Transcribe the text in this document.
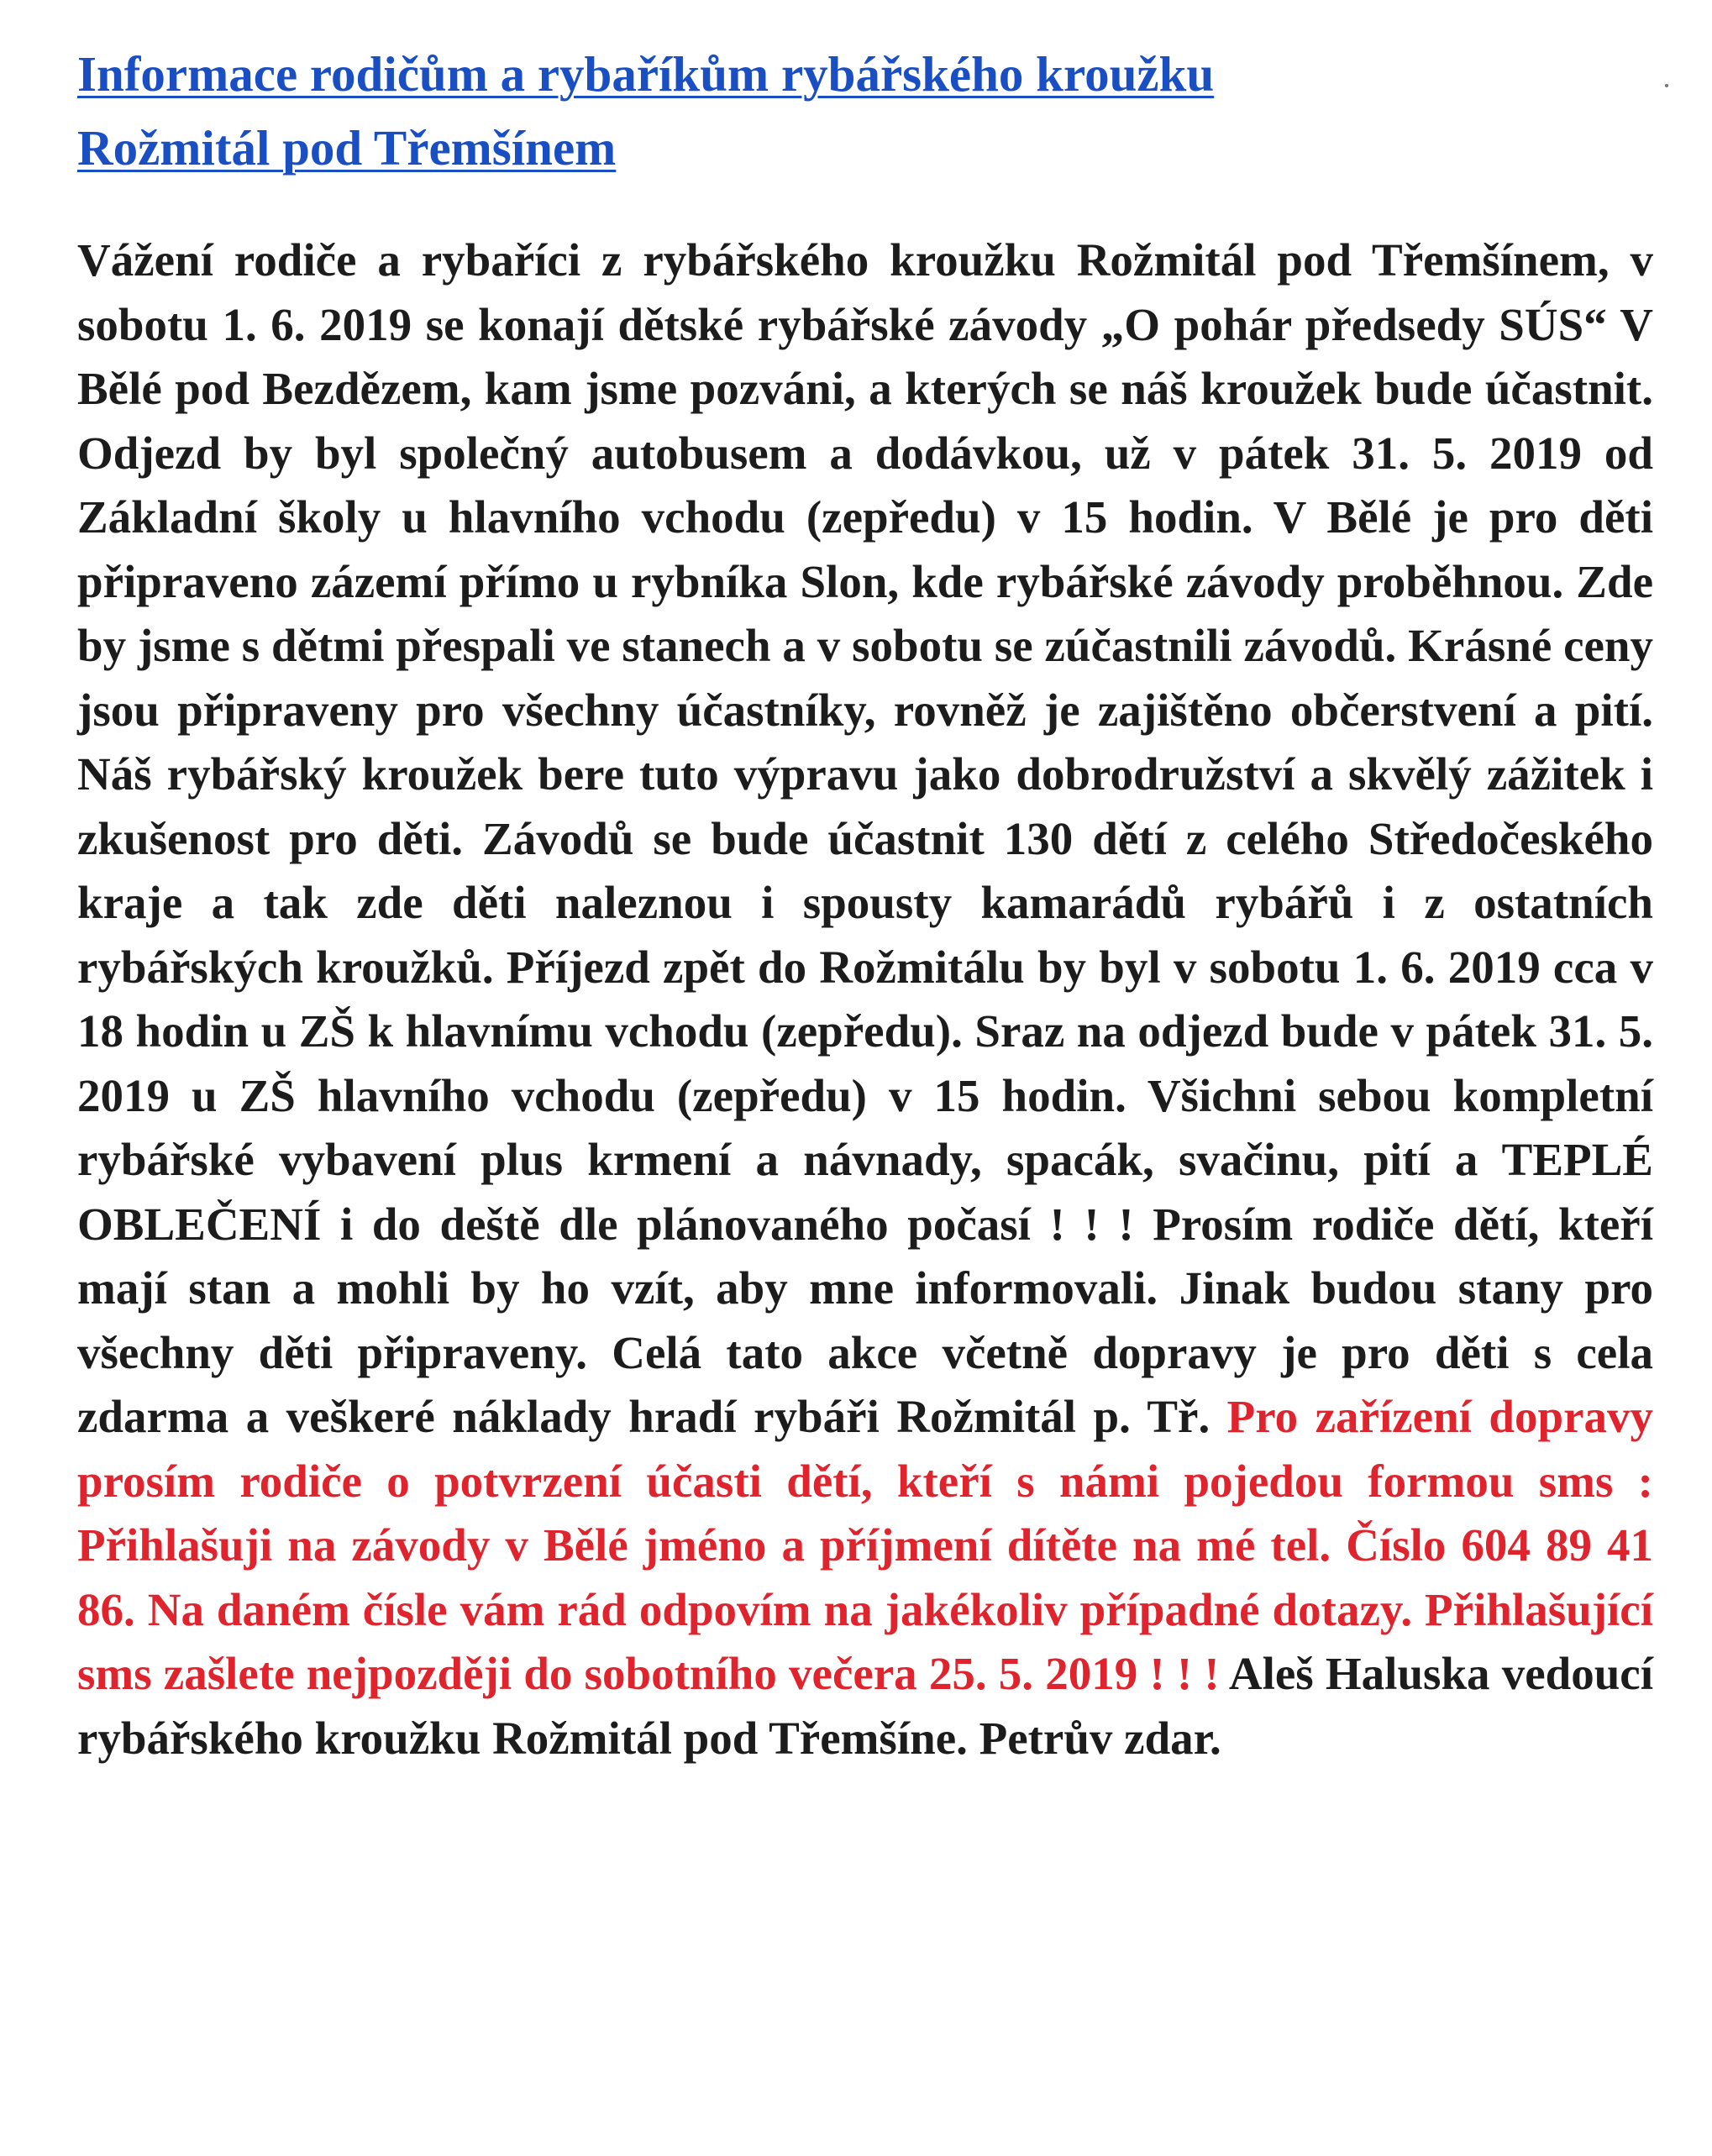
Informace rodičům a rybaříkům rybářského kroužku
Rožmitál pod Třemšínem

Vážení rodiče a rybaříci z rybářského kroužku Rožmitál pod Třemšínem, v sobotu 1. 6. 2019 se konají dětské rybářské závody „O pohár předsedy SÚS“ V Bělé pod Bezdězem, kam jsme pozváni, a kterých se náš kroužek bude účastnit. Odjezd by byl společný autobusem a dodávkou, už v pátek 31. 5. 2019 od Základní školy u hlavního vchodu (zepředu) v 15 hodin. V Bělé je pro děti připraveno zázemí přímo u rybníka Slon, kde rybářské závody proběhnou. Zde by jsme s dětmi přespali ve stanech a v sobotu se zúčastnili závodů. Krásné ceny jsou připraveny pro všechny účastníky, rovněž je zajištěno občerstvení a pití. Náš rybářský kroužek bere tuto výpravu jako dobrodružství a skvělý zážitek i zkušenost pro děti. Závodů se bude účastnit 130 dětí z celého Středočeského kraje a tak zde děti naleznou i spousty kamarádů rybářů i z ostatních rybářských kroužků. Příjezd zpět do Rožmitálu by byl v sobotu 1. 6. 2019 cca v 18 hodin u ZŠ k hlavnímu vchodu (zepředu). Sraz na odjezd bude v pátek 31. 5. 2019 u ZŠ hlavního vchodu (zepředu) v 15 hodin. Všichni sebou kompletní rybářské vybavení plus krmení a návnady, spacák, svačinu, pití a TEPLÉ OBLEČENÍ i do deště dle plánovaného počasí ! ! ! Prosím rodiče dětí, kteří mají stan a mohli by ho vzít, aby mne informovali. Jinak budou stany pro všechny děti připraveny. Celá tato akce včetně dopravy je pro děti s cela zdarma a veškeré náklady hradí rybáři Rožmitál p. Tř. Pro zařízení dopravy prosím rodiče o potvrzení účasti dětí, kteří s námi pojedou formou sms : Přihlašuji na závody v Bělé jméno a příjmení dítěte na mé tel. Číslo 604 89 41 86. Na daném čísle vám rád odpovím na jakékoliv případné dotazy. Přihlašující sms zašlete nejpozději do sobotního večera 25. 5. 2019 ! ! ! Aleš Haluska vedoucí rybářského kroužku Rožmitál pod Třemšíne. Petrův zdar.
